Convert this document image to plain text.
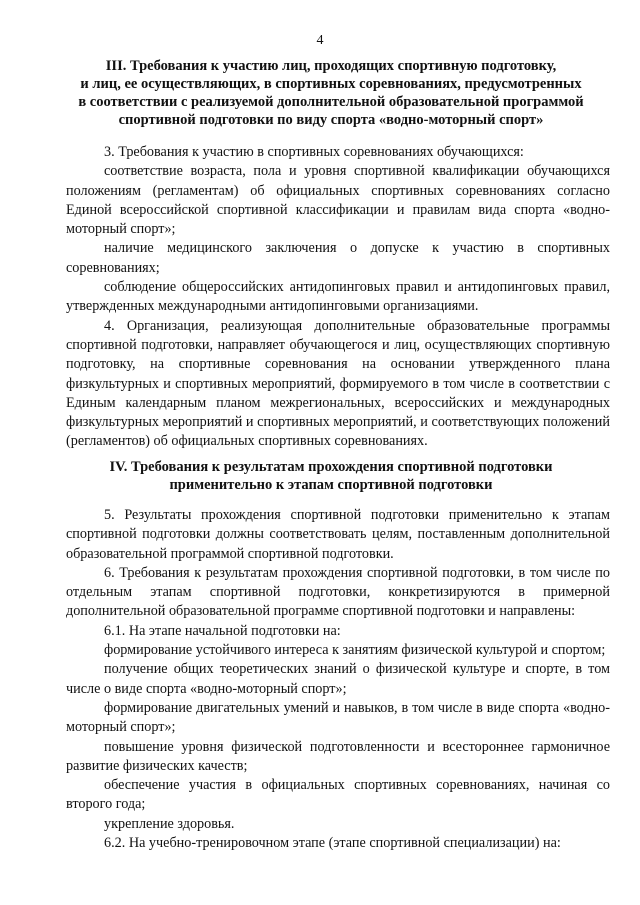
4
III. Требования к участию лиц, проходящих спортивную подготовку,
и лиц, ее осуществляющих, в спортивных соревнованиях, предусмотренных
в соответствии с реализуемой дополнительной образовательной программой
спортивной подготовки по виду спорта «водно-моторный спорт»

3. Требования к участию в спортивных соревнованиях обучающихся:

соответствие возраста, пола и уровня спортивной квалификации обучающихся положениям (регламентам) об официальных спортивных соревнованиях согласно Единой всероссийской спортивной классификации и правилам вида спорта «водно-моторный спорт»;

наличие медицинского заключения о допуске к участию в спортивных соревнованиях;

соблюдение общероссийских антидопинговых правил и антидопинговых правил, утвержденных международными антидопинговыми организациями.

4. Организация, реализующая дополнительные образовательные программы спортивной подготовки, направляет обучающегося и лиц, осуществляющих спортивную подготовку, на спортивные соревнования на основании утвержденного плана физкультурных и спортивных мероприятий, формируемого в том числе в соответствии с Единым календарным планом межрегиональных, всероссийских и международных физкультурных мероприятий и спортивных мероприятий, и соответствующих положений (регламентов) об официальных спортивных соревнованиях.

IV. Требования к результатам прохождения спортивной подготовки
применительно к этапам спортивной подготовки

5. Результаты прохождения спортивной подготовки применительно к этапам спортивной подготовки должны соответствовать целям, поставленным дополнительной образовательной программой спортивной подготовки.

6. Требования к результатам прохождения спортивной подготовки, в том числе по отдельным этапам спортивной подготовки, конкретизируются в примерной дополнительной образовательной программе спортивной подготовки и направлены:

6.1. На этапе начальной подготовки на:

формирование устойчивого интереса к занятиям физической культурой и спортом;

получение общих теоретических знаний о физической культуре и спорте, в том числе о виде спорта «водно-моторный спорт»;

формирование двигательных умений и навыков, в том числе в виде спорта «водно-моторный спорт»;

повышение уровня физической подготовленности и всестороннее гармоничное развитие физических качеств;

обеспечение участия в официальных спортивных соревнованиях, начиная со второго года;

укрепление здоровья.

6.2. На учебно-тренировочном этапе (этапе спортивной специализации) на:
